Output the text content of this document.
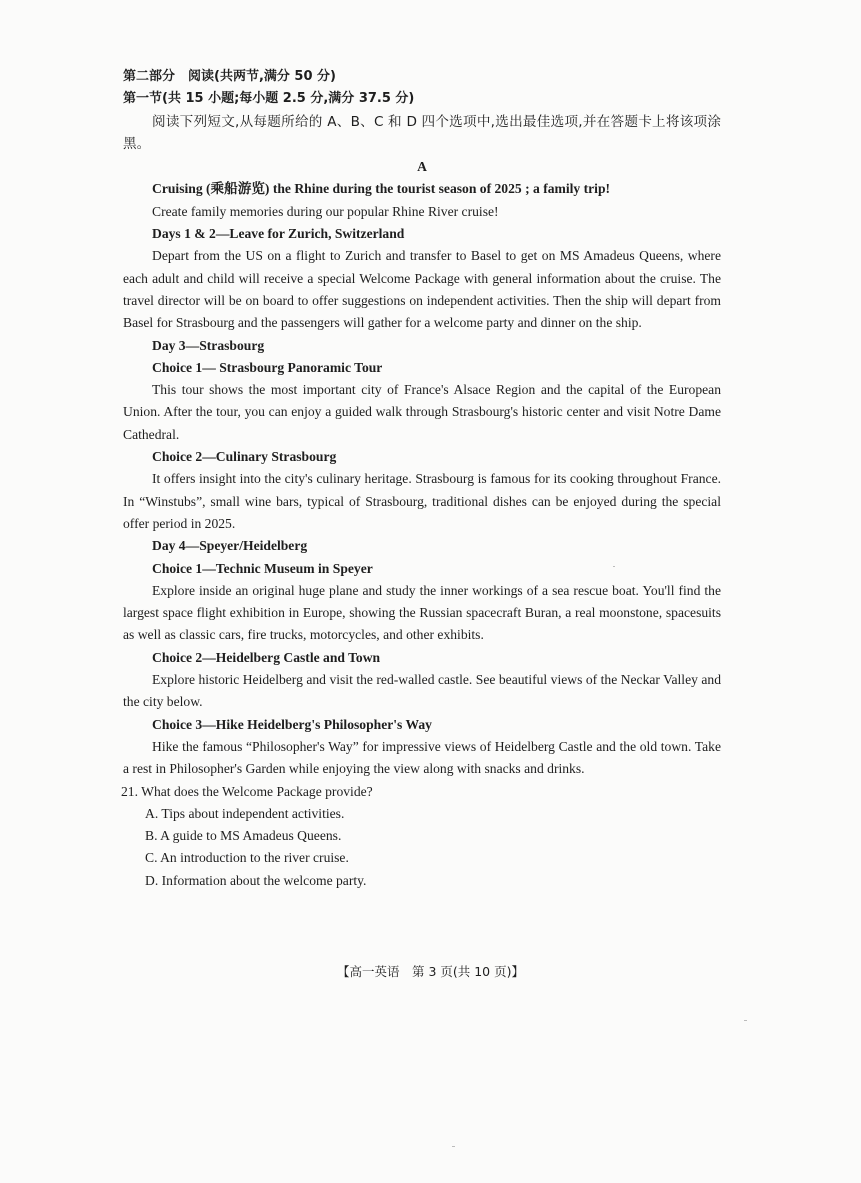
第二部分　阅读(共两节,满分 50 分)
第一节(共 15 小题;每小题 2.5 分,满分 37.5 分)
阅读下列短文,从每题所给的 A、B、C 和 D 四个选项中,选出最佳选项,并在答题卡上将该项涂黑。
A
Cruising (乘船游览) the Rhine during the tourist season of 2025 ; a family trip!
Create family memories during our popular Rhine River cruise!
Days 1 & 2—Leave for Zurich, Switzerland
Depart from the US on a flight to Zurich and transfer to Basel to get on MS Amadeus Queens, where each adult and child will receive a special Welcome Package with general information about the cruise. The travel director will be on board to offer suggestions on independent activities. Then the ship will depart from Basel for Strasbourg and the passengers will gather for a welcome party and dinner on the ship.
Day 3—Strasbourg
Choice 1— Strasbourg Panoramic Tour
This tour shows the most important city of France's Alsace Region and the capital of the European Union. After the tour, you can enjoy a guided walk through Strasbourg's historic center and visit Notre Dame Cathedral.
Choice 2—Culinary Strasbourg
It offers insight into the city's culinary heritage. Strasbourg is famous for its cooking throughout France. In “Winstubs”, small wine bars, typical of Strasbourg, traditional dishes can be enjoyed during the special offer period in 2025.
Day 4—Speyer/Heidelberg
Choice 1—Technic Museum in Speyer
Explore inside an original huge plane and study the inner workings of a sea rescue boat. You'll find the largest space flight exhibition in Europe, showing the Russian spacecraft Buran, a real moonstone, spacesuits as well as classic cars, fire trucks, motorcycles, and other exhibits.
Choice 2—Heidelberg Castle and Town
Explore historic Heidelberg and visit the red-walled castle. See beautiful views of the Neckar Valley and the city below.
Choice 3—Hike Heidelberg's Philosopher's Way
Hike the famous “Philosopher's Way” for impressive views of Heidelberg Castle and the old town. Take a rest in Philosopher's Garden while enjoying the view along with snacks and drinks.
21. What does the Welcome Package provide?
A. Tips about independent activities.
B. A guide to MS Amadeus Queens.
C. An introduction to the river cruise.
D. Information about the welcome party.
【高一英语　第 3 页(共 10 页)】
